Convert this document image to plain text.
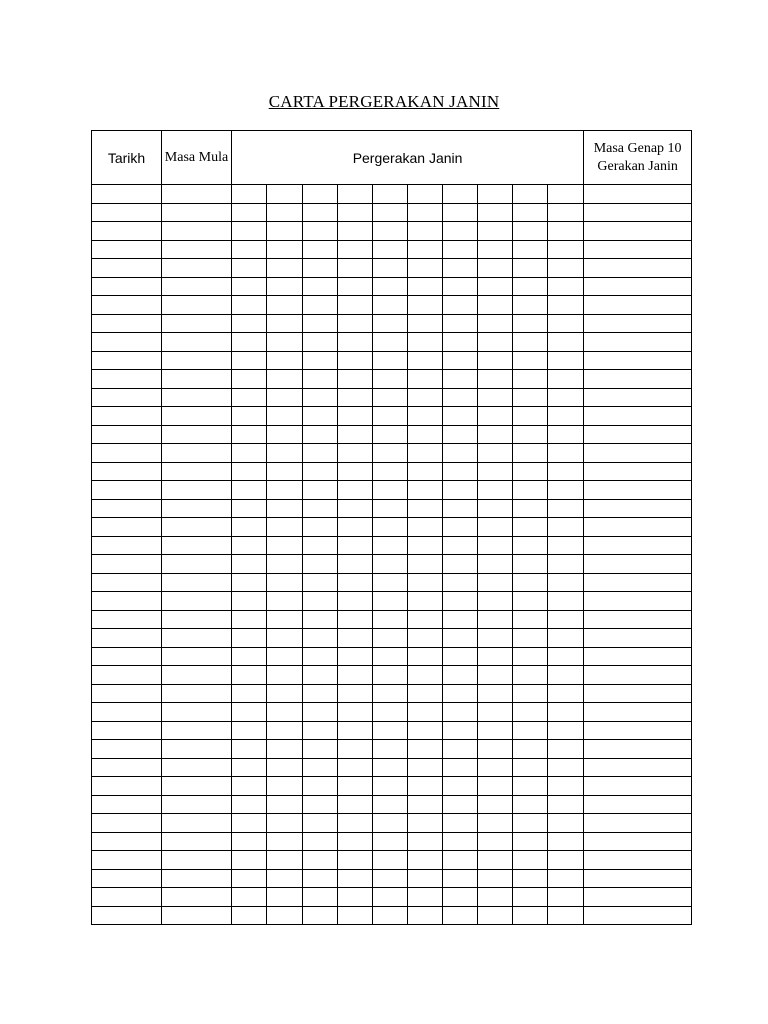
CARTA PERGERAKAN JANIN
Tarikh	Masa Mula	Pergerakan Janin										Masa Genap 10 Gerakan Janin
